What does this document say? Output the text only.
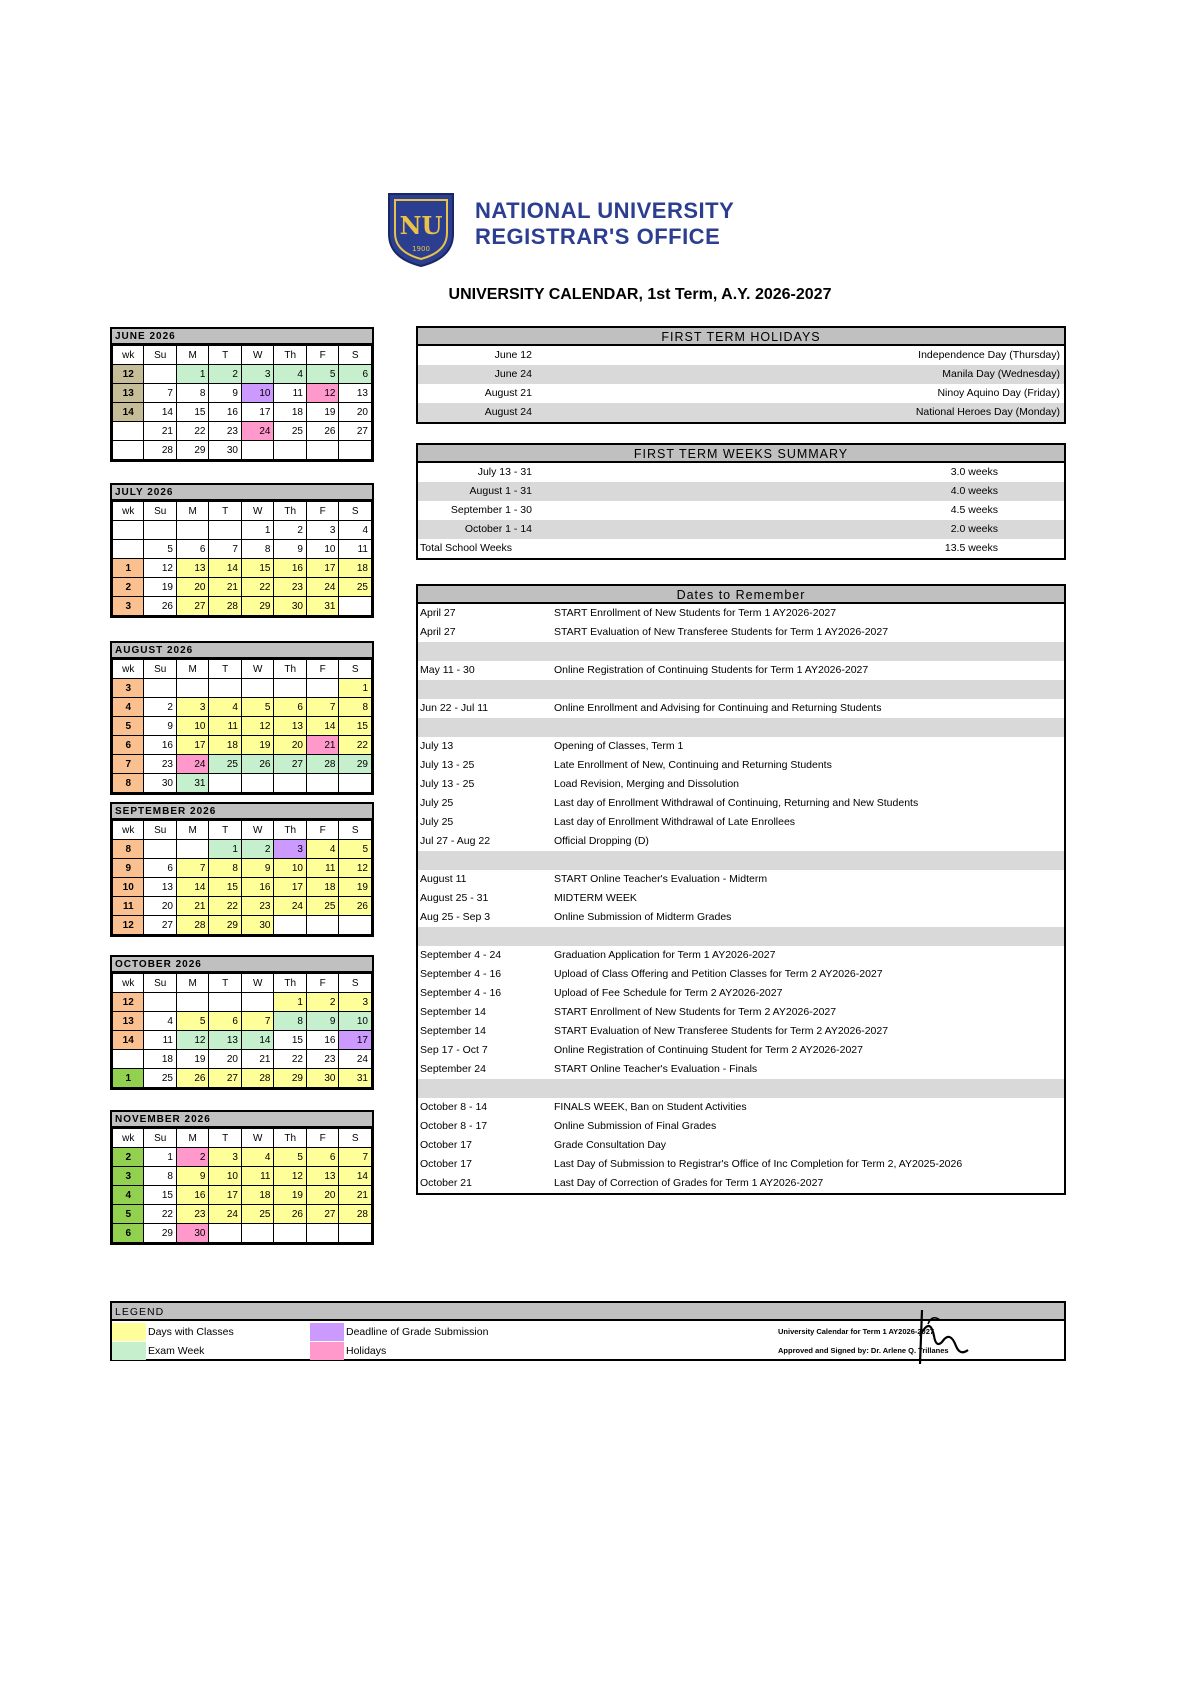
NU
1900
NATIONAL UNIVERSITY
REGISTRAR'S OFFICE
UNIVERSITY CALENDAR, 1st Term, A.Y. 2026-2027
JUNE 2026
wk	Su	M	T	W	Th	F	S
12		1	2	3	4	5	6
13	7	8	9	10	11	12	13
14	14	15	16	17	18	19	20
	21	22	23	24	25	26	27
	28	29	30				
JULY 2026
wk	Su	M	T	W	Th	F	S
				1	2	3	4
	5	6	7	8	9	10	11
1	12	13	14	15	16	17	18
2	19	20	21	22	23	24	25
3	26	27	28	29	30	31	
AUGUST 2026
wk	Su	M	T	W	Th	F	S
3							1
4	2	3	4	5	6	7	8
5	9	10	11	12	13	14	15
6	16	17	18	19	20	21	22
7	23	24	25	26	27	28	29
8	30	31					
SEPTEMBER 2026
wk	Su	M	T	W	Th	F	S
8			1	2	3	4	5
9	6	7	8	9	10	11	12
10	13	14	15	16	17	18	19
11	20	21	22	23	24	25	26
12	27	28	29	30			
OCTOBER 2026
wk	Su	M	T	W	Th	F	S
12					1	2	3
13	4	5	6	7	8	9	10
14	11	12	13	14	15	16	17
	18	19	20	21	22	23	24
1	25	26	27	28	29	30	31
NOVEMBER 2026
wk	Su	M	T	W	Th	F	S
2	1	2	3	4	5	6	7
3	8	9	10	11	12	13	14
4	15	16	17	18	19	20	21
5	22	23	24	25	26	27	28
6	29	30					
FIRST TERM HOLIDAYS
June 12	Independence Day (Thursday)
June 24	Manila Day (Wednesday)
August 21	Ninoy Aquino Day (Friday)
August 24	National Heroes Day (Monday)
FIRST TERM WEEKS SUMMARY
July 13 - 31	3.0 weeks
August 1 - 31	4.0 weeks
September 1 - 30	4.5 weeks
October 1 - 14	2.0 weeks
Total School Weeks	13.5 weeks
Dates to Remember
April 27	START Enrollment of New Students for Term 1 AY2026-2027
April 27	START Evaluation of New Transferee Students for Term 1 AY2026-2027
May 11 - 30	Online Registration of Continuing Students for Term 1 AY2026-2027
Jun 22 - Jul 11	Online Enrollment and Advising for Continuing and Returning Students
July 13	Opening of Classes, Term 1
July 13 - 25	Late Enrollment of New, Continuing and Returning Students
July 13 - 25	Load Revision, Merging and Dissolution
July 25	Last day of Enrollment Withdrawal of Continuing, Returning and New Students
July 25	Last day of Enrollment Withdrawal of Late Enrollees
Jul 27 - Aug 22	Official Dropping (D)
August 11	START Online Teacher's Evaluation - Midterm
August 25 - 31	MIDTERM WEEK
Aug 25 - Sep 3	Online Submission of Midterm Grades
September 4 - 24	Graduation Application for Term 1 AY2026-2027
September 4 - 16	Upload of Class Offering and Petition Classes for Term 2 AY2026-2027
September 4 - 16	Upload of Fee Schedule for Term 2 AY2026-2027
September 14	START Enrollment of New Students for Term 2 AY2026-2027
September 14	START Evaluation of New Transferee Students for Term 2 AY2026-2027
Sep 17 - Oct 7	Online Registration of Continuing Student for Term 2 AY2026-2027
September 24	START Online Teacher's Evaluation - Finals
October 8 - 14	FINALS WEEK, Ban on Student Activities
October 8 - 17	Online Submission of Final Grades
October 17	Grade Consultation Day
October 17	Last Day of Submission to Registrar's Office of Inc Completion for Term 2, AY2025-2026
October 21	Last Day of Correction of Grades for Term 1 AY2026-2027
LEGEND
Days with Classes
Exam Week
Deadline of Grade Submission
Holidays
University Calendar for Term 1 AY2026-2027
Approved and Signed by: Dr. Arlene Q. Trillanes
